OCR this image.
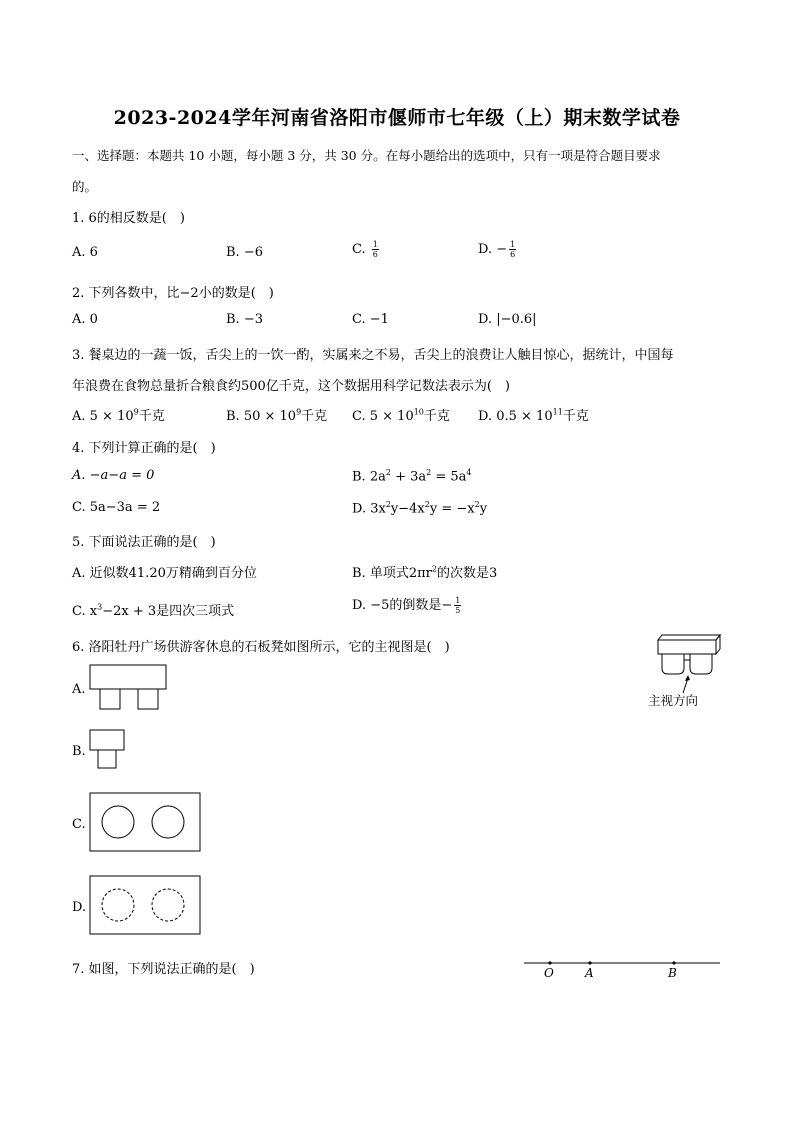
2023-2024学年河南省洛阳市偃师市七年级（上）期末数学试卷
一、选择题：本题共 10 小题，每小题 3 分，共 30 分。在每小题给出的选项中，只有一项是符合题目要求
的。
1. 6的相反数是(　)
A. 6	B. −6	C. $\frac{1}{6}$	D. − $\frac{1}{6}$
2. 下列各数中，比−2小的数是(　)
A. 0	B. −3	C. −1	D. |−0.6|
3. 餐桌边的一蔬一饭，舌尖上的一饮一酌，实属来之不易，舌尖上的浪费让人触目惊心，据统计，中国每
年浪费在食物总量折合粮食约500亿千克，这个数据用科学记数法表示为(　)
A. $5 \times 10^9$千克	B. $50 \times 10^9$千克 C. $5 \times 10^{10}$千克 D. $0.5 \times 10^{11}$千克
4. 下列计算正确的是(　)
A. −a−a = 0	B. $2a^2 + 3a^2 = 5a^4$
C. 5a−3a = 2	D. $3x^2y-4x^2y = -x^2y$
5. 下面说法正确的是(　)
A. 近似数41.20万精确到百分位	B. 单项式$2\pi r^2$的次数是3
C. $x^3-2x + 3$是四次三项式	D. −5的倒数是− $\frac{1}{5}$
6. 洛阳牡丹广场供游客休息的石板凳如图所示，它的主视图是(　)
主视方向
A.
B.
C.
D.
7. 如图，下列说法正确的是(　)	O	A	B
